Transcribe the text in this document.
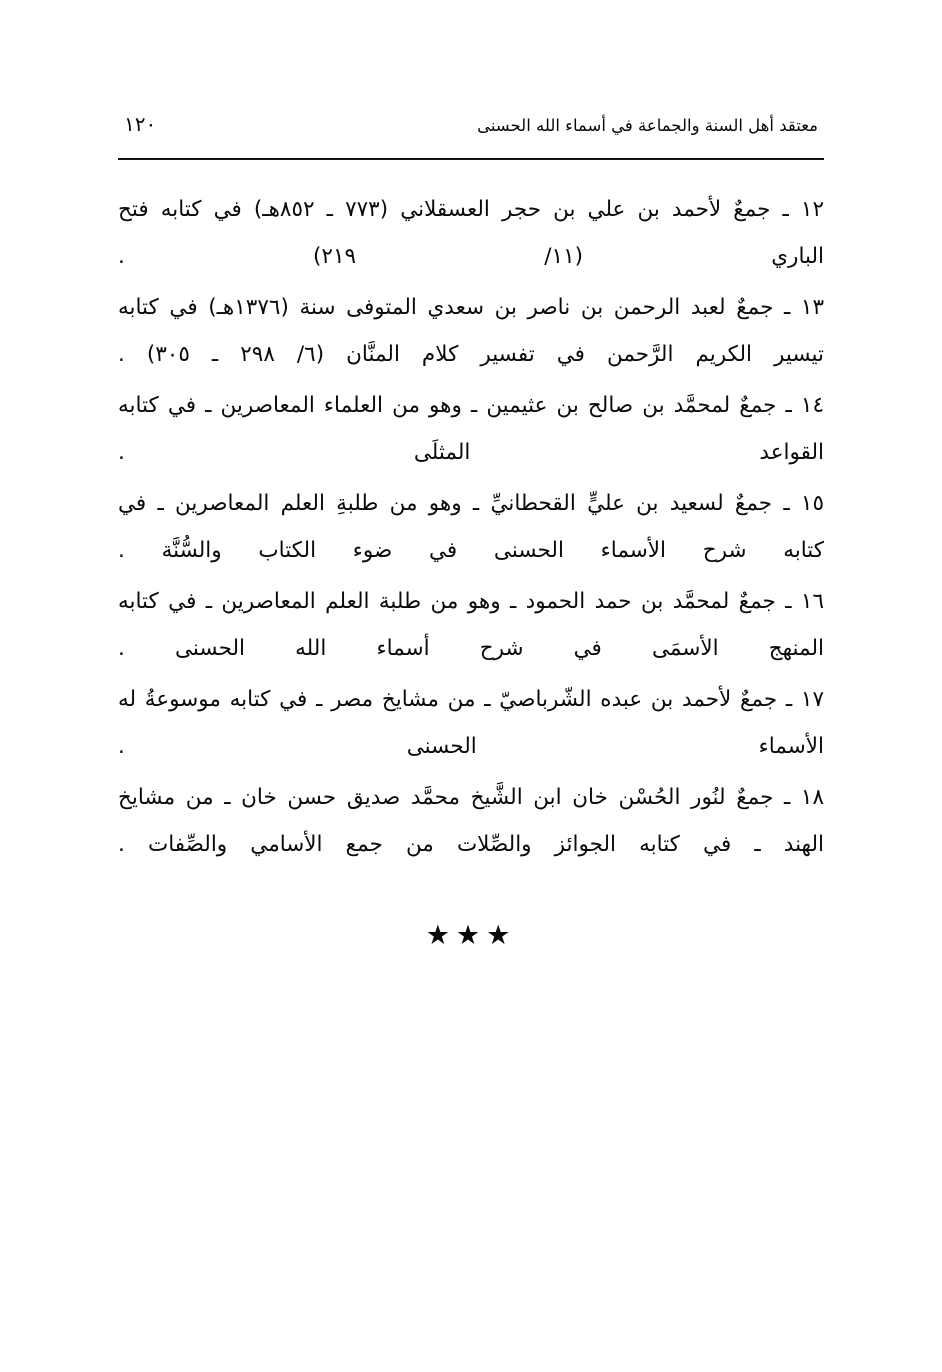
١٢٠	معتقد أهل السنة والجماعة في أسماء الله الحسنى

١٢ ـ جمعٌ لأحمد بن علي بن حجر العسقلاني (٧٧٣ ـ ٨٥٢هـ) في كتابه فتح الباري (١١/ ٢١٩) .

١٣ ـ جمعٌ لعبد الرحمن بن ناصر بن سعدي المتوفى سنة (١٣٧٦هـ) في كتابه تيسير الكريم الرَّحمن في تفسير كلام المنَّان (٦/ ٢٩٨ ـ ٣٠٥) .

١٤ ـ جمعٌ لمحمَّد بن صالح بن عثيمين ـ وهو من العلماء المعاصرين ـ في كتابه القواعد المثلَى .

١٥ ـ جمعٌ لسعيد بن عليٍّ القحطانيِّ ـ وهو من طلبةِ العلم المعاصرين ـ في كتابه شرح الأسماء الحسنى في ضوء الكتاب والسُّنَّة .

١٦ ـ جمعٌ لمحمَّد بن حمد الحمود ـ وهو من طلبة العلم المعاصرين ـ في كتابه المنهج الأسمَى في شرح أسماء الله الحسنى .

١٧ ـ جمعٌ لأحمد بن عبده الشّرباصيّ ـ من مشايخ مصر ـ في كتابه موسوعةُ له الأسماء الحسنى .

١٨ ـ جمعٌ لنُور الحُسْن خان ابن الشَّيخ محمَّد صديق حسن خان ـ من مشايخ الهند ـ في كتابه الجوائز والصِّلات من جمع الأسامي والصِّفات .

★★★
